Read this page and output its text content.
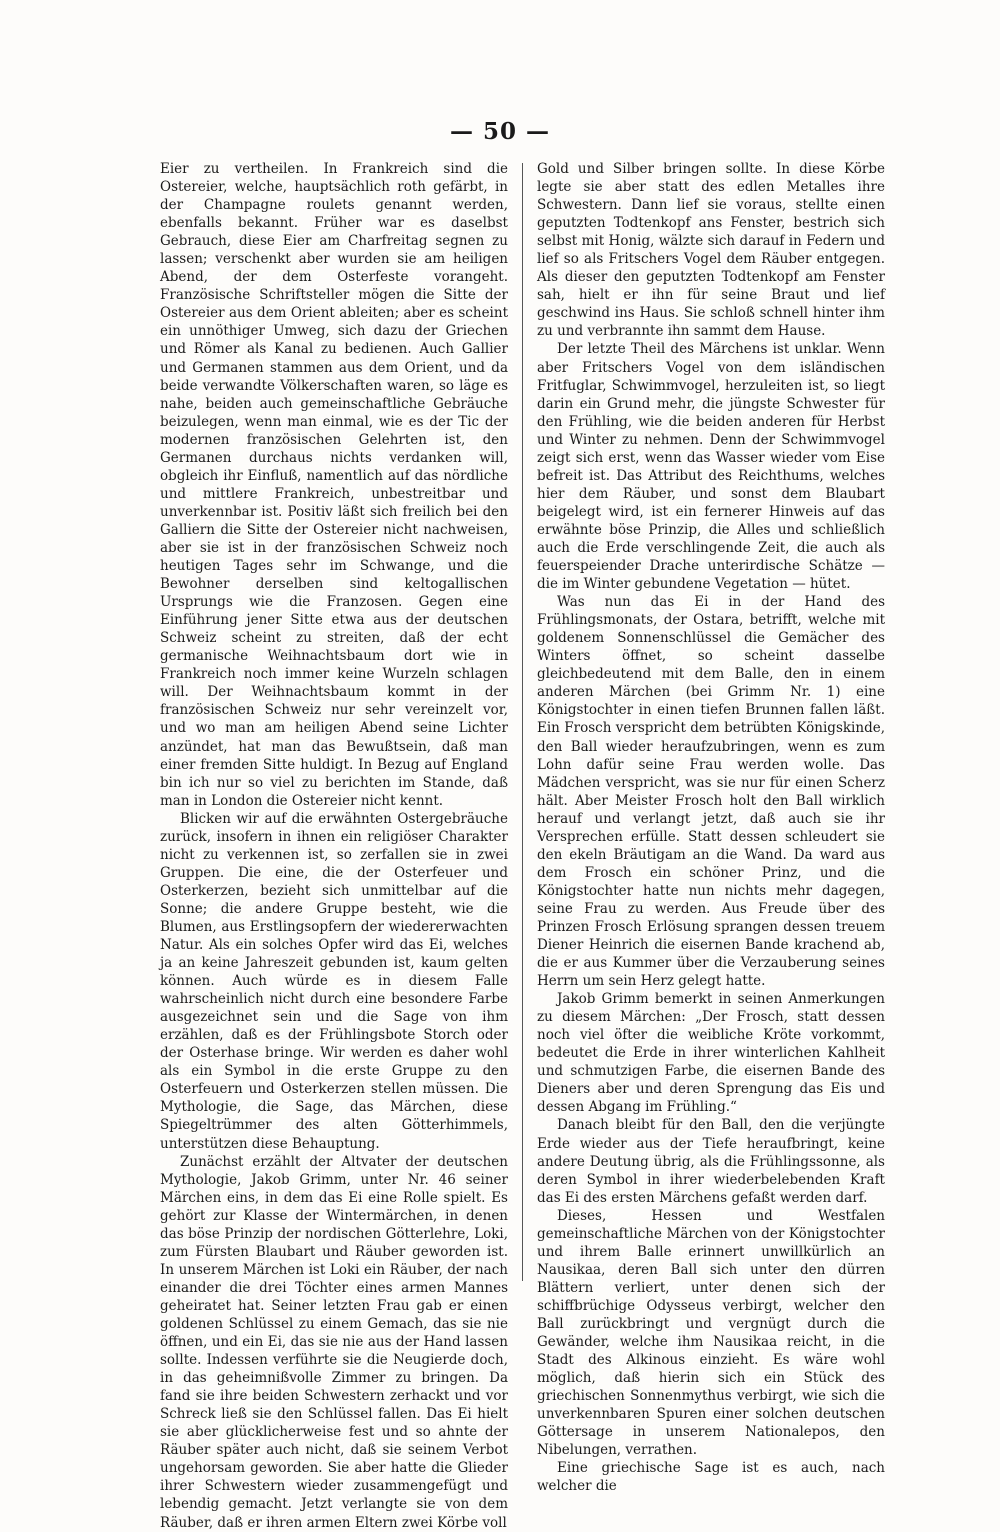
— 50 —

Eier zu vertheilen. In Frankreich sind die Ostereier, welche, hauptsächlich roth gefärbt, in der Champagne roulets genannt werden, ebenfalls bekannt. Früher war es daselbst Gebrauch, diese Eier am Charfreitag segnen zu lassen; verschenkt aber wurden sie am heiligen Abend, der dem Osterfeste vorangeht. Französische Schriftsteller mögen die Sitte der Ostereier aus dem Orient ableiten; aber es scheint ein unnöthiger Umweg, sich dazu der Griechen und Römer als Kanal zu bedienen. Auch Gallier und Germanen stammen aus dem Orient, und da beide verwandte Völkerschaften waren, so läge es nahe, beiden auch gemeinschaftliche Gebräuche beizulegen, wenn man einmal, wie es der Tic der modernen französischen Gelehrten ist, den Germanen durchaus nichts verdanken will, obgleich ihr Einfluß, namentlich auf das nördliche und mittlere Frankreich, unbestreitbar und unverkennbar ist. Positiv läßt sich freilich bei den Galliern die Sitte der Ostereier nicht nachweisen, aber sie ist in der französischen Schweiz noch heutigen Tages sehr im Schwange, und die Bewohner derselben sind keltogallischen Ursprungs wie die Franzosen. Gegen eine Einführung jener Sitte etwa aus der deutschen Schweiz scheint zu streiten, daß der echt germanische Weihnachtsbaum dort wie in Frankreich noch immer keine Wurzeln schlagen will. Der Weihnachtsbaum kommt in der französischen Schweiz nur sehr vereinzelt vor, und wo man am heiligen Abend seine Lichter anzündet, hat man das Bewußtsein, daß man einer fremden Sitte huldigt. In Bezug auf England bin ich nur so viel zu berichten im Stande, daß man in London die Ostereier nicht kennt.

Blicken wir auf die erwähnten Ostergebräuche zurück, insofern in ihnen ein religiöser Charakter nicht zu verkennen ist, so zerfallen sie in zwei Gruppen. Die eine, die der Osterfeuer und Osterkerzen, bezieht sich unmittelbar auf die Sonne; die andere Gruppe besteht, wie die Blumen, aus Erstlingsopfern der wiedererwachten Natur. Als ein solches Opfer wird das Ei, welches ja an keine Jahreszeit gebunden ist, kaum gelten können. Auch würde es in diesem Falle wahrscheinlich nicht durch eine besondere Farbe ausgezeichnet sein und die Sage von ihm erzählen, daß es der Frühlingsbote Storch oder der Osterhase bringe. Wir werden es daher wohl als ein Symbol in die erste Gruppe zu den Osterfeuern und Osterkerzen stellen müssen. Die Mythologie, die Sage, das Märchen, diese Spiegeltrümmer des alten Götterhimmels, unterstützen diese Behauptung.

Zunächst erzählt der Altvater der deutschen Mythologie, Jakob Grimm, unter Nr. 46 seiner Märchen eins, in dem das Ei eine Rolle spielt. Es gehört zur Klasse der Wintermärchen, in denen das böse Prinzip der nordischen Götterlehre, Loki, zum Fürsten Blaubart und Räuber geworden ist. In unserem Märchen ist Loki ein Räuber, der nach einander die drei Töchter eines armen Mannes geheiratet hat. Seiner letzten Frau gab er einen goldenen Schlüssel zu einem Gemach, das sie nie öffnen, und ein Ei, das sie nie aus der Hand lassen sollte. Indessen verführte sie die Neugierde doch, in das geheimnißvolle Zimmer zu bringen. Da fand sie ihre beiden Schwestern zerhackt und vor Schreck ließ sie den Schlüssel fallen. Das Ei hielt sie aber glücklicherweise fest und so ahnte der Räuber später auch nicht, daß sie seinem Verbot ungehorsam geworden. Sie aber hatte die Glieder ihrer Schwestern wieder zusammengefügt und lebendig gemacht. Jetzt verlangte sie von dem Räuber, daß er ihren armen Eltern zwei Körbe voll

Gold und Silber bringen sollte. In diese Körbe legte sie aber statt des edlen Metalles ihre Schwestern. Dann lief sie voraus, stellte einen geputzten Todtenkopf ans Fenster, bestrich sich selbst mit Honig, wälzte sich darauf in Federn und lief so als Fritschers Vogel dem Räuber entgegen. Als dieser den geputzten Todtenkopf am Fenster sah, hielt er ihn für seine Braut und lief geschwind ins Haus. Sie schloß schnell hinter ihm zu und verbrannte ihn sammt dem Hause.

Der letzte Theil des Märchens ist unklar. Wenn aber Fritschers Vogel von dem isländischen Fritfuglar, Schwimmvogel, herzuleiten ist, so liegt darin ein Grund mehr, die jüngste Schwester für den Frühling, wie die beiden anderen für Herbst und Winter zu nehmen. Denn der Schwimmvogel zeigt sich erst, wenn das Wasser wieder vom Eise befreit ist. Das Attribut des Reichthums, welches hier dem Räuber, und sonst dem Blaubart beigelegt wird, ist ein fernerer Hinweis auf das erwähnte böse Prinzip, die Alles und schließlich auch die Erde verschlingende Zeit, die auch als feuerspeiender Drache unterirdische Schätze — die im Winter gebundene Vegetation — hütet.

Was nun das Ei in der Hand des Frühlingsmonats, der Ostara, betrifft, welche mit goldenem Sonnenschlüssel die Gemächer des Winters öffnet, so scheint dasselbe gleichbedeutend mit dem Balle, den in einem anderen Märchen (bei Grimm Nr. 1) eine Königstochter in einen tiefen Brunnen fallen läßt. Ein Frosch verspricht dem betrübten Königskinde, den Ball wieder heraufzubringen, wenn es zum Lohn dafür seine Frau werden wolle. Das Mädchen verspricht, was sie nur für einen Scherz hält. Aber Meister Frosch holt den Ball wirklich herauf und verlangt jetzt, daß auch sie ihr Versprechen erfülle. Statt dessen schleudert sie den ekeln Bräutigam an die Wand. Da ward aus dem Frosch ein schöner Prinz, und die Königstochter hatte nun nichts mehr dagegen, seine Frau zu werden. Aus Freude über des Prinzen Frosch Erlösung sprangen dessen treuem Diener Heinrich die eisernen Bande krachend ab, die er aus Kummer über die Verzauberung seines Herrn um sein Herz gelegt hatte.

Jakob Grimm bemerkt in seinen Anmerkungen zu diesem Märchen: „Der Frosch, statt dessen noch viel öfter die weibliche Kröte vorkommt, bedeutet die Erde in ihrer winterlichen Kahlheit und schmutzigen Farbe, die eisernen Bande des Dieners aber und deren Sprengung das Eis und dessen Abgang im Frühling.“

Danach bleibt für den Ball, den die verjüngte Erde wieder aus der Tiefe heraufbringt, keine andere Deutung übrig, als die Frühlingssonne, als deren Symbol in ihrer wiederbelebenden Kraft das Ei des ersten Märchens gefaßt werden darf.

Dieses, Hessen und Westfalen gemeinschaftliche Märchen von der Königstochter und ihrem Balle erinnert unwillkürlich an Nausikaa, deren Ball sich unter den dürren Blättern verliert, unter denen sich der schiffbrüchige Odysseus verbirgt, welcher den Ball zurückbringt und vergnügt durch die Gewänder, welche ihm Nausikaa reicht, in die Stadt des Alkinous einzieht. Es wäre wohl möglich, daß hierin sich ein Stück des griechischen Sonnenmythus verbirgt, wie sich die unverkennbaren Spuren einer solchen deutschen Göttersage in unserem Nationalepos, den Nibelungen, verrathen.

Eine griechische Sage ist es auch, nach welcher die
